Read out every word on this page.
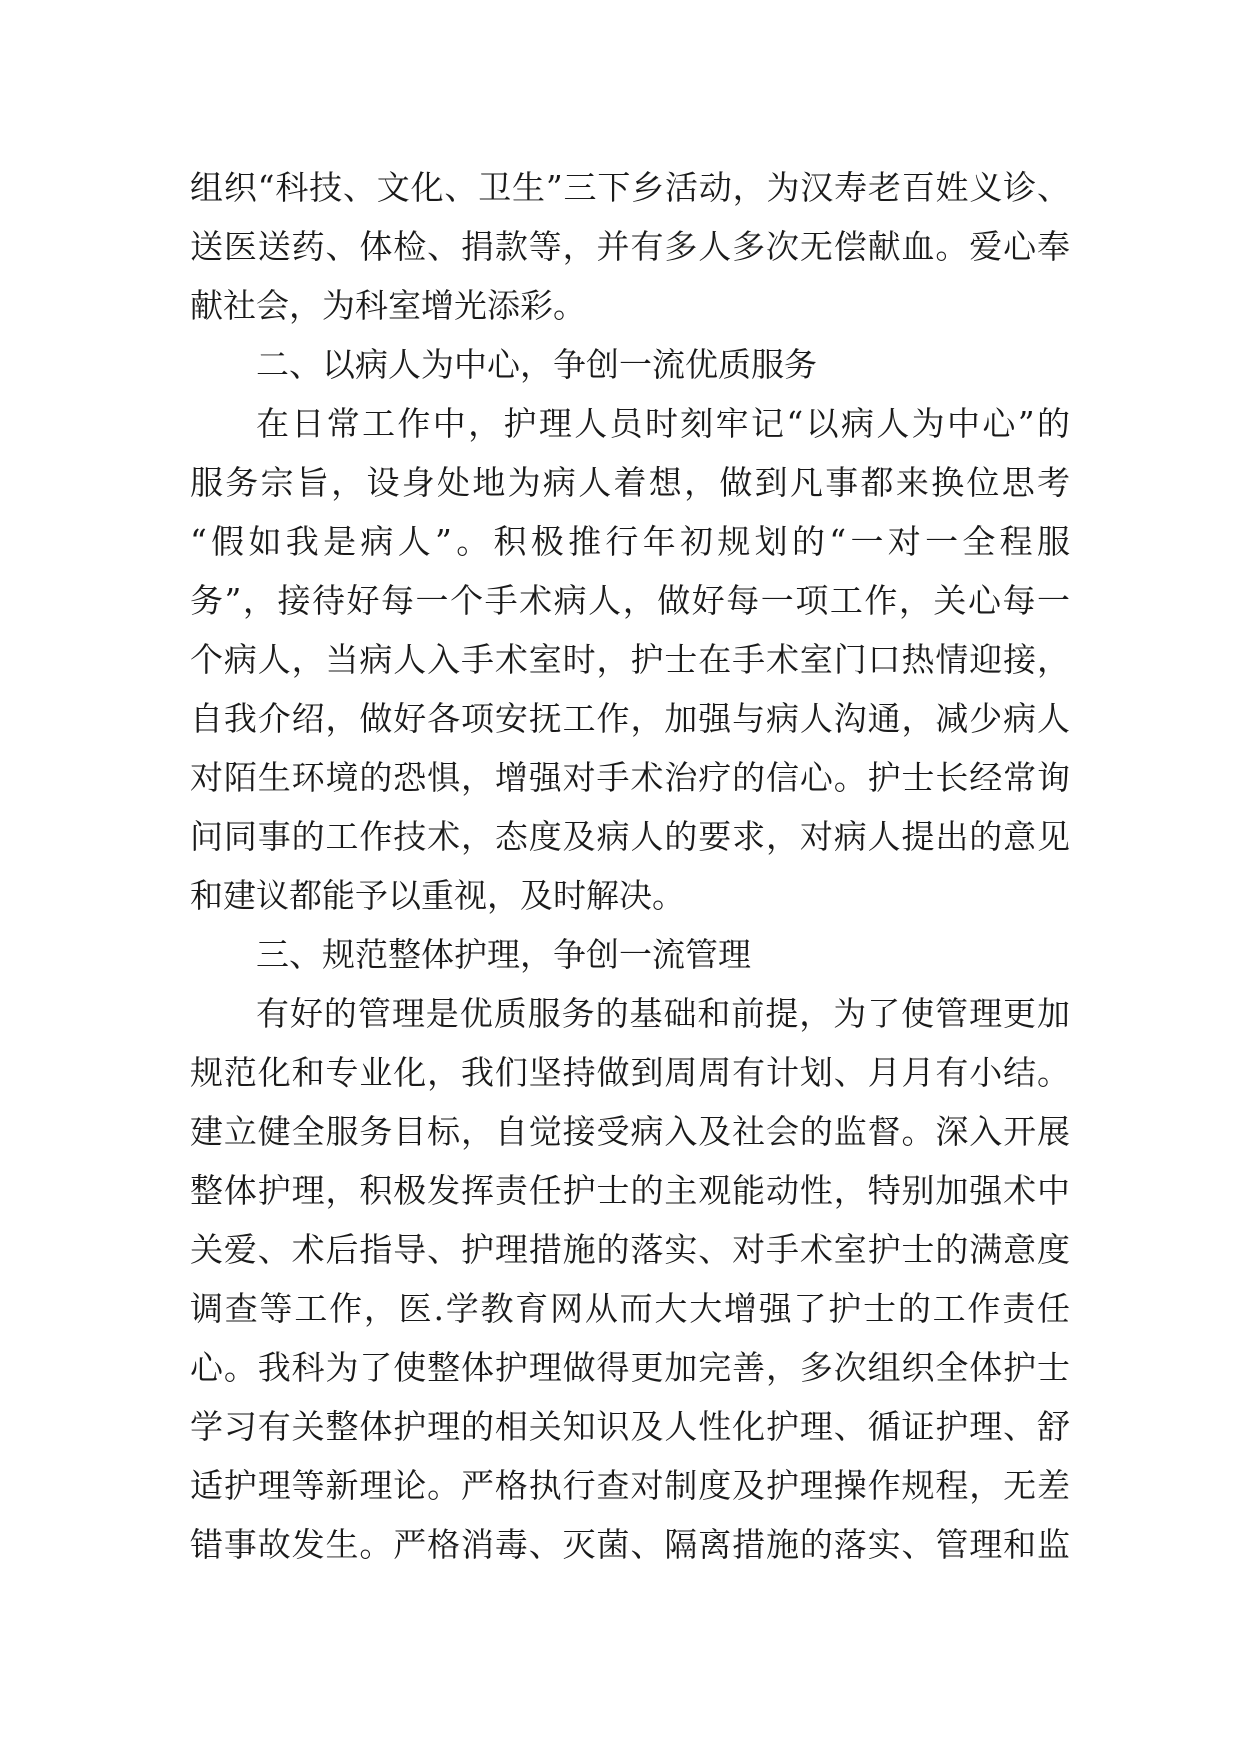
组织“科技、文化、卫生”三下乡活动，为汉寿老百姓义诊、
送医送药、体检、捐款等，并有多人多次无偿献血。爱心奉
献社会，为科室增光添彩。
二、以病人为中心，争创一流优质服务
在日常工作中，护理人员时刻牢记“以病人为中心”的
服务宗旨，设身处地为病人着想，做到凡事都来换位思考
“假如我是病人”。积极推行年初规划的“一对一全程服
务”，接待好每一个手术病人，做好每一项工作，关心每一
个病人，当病人入手术室时，护士在手术室门口热情迎接，
自我介绍，做好各项安抚工作，加强与病人沟通，减少病人
对陌生环境的恐惧，增强对手术治疗的信心。护士长经常询
问同事的工作技术，态度及病人的要求，对病人提出的意见
和建议都能予以重视，及时解决。
三、规范整体护理，争创一流管理
有好的管理是优质服务的基础和前提，为了使管理更加
规范化和专业化，我们坚持做到周周有计划、月月有小结。
建立健全服务目标，自觉接受病入及社会的监督。深入开展
整体护理，积极发挥责任护士的主观能动性，特别加强术中
关爱、术后指导、护理措施的落实、对手术室护士的满意度
调查等工作，医.学教育网从而大大增强了护士的工作责任
心。我科为了使整体护理做得更加完善，多次组织全体护士
学习有关整体护理的相关知识及人性化护理、循证护理、舒
适护理等新理论。严格执行查对制度及护理操作规程，无差
错事故发生。严格消毒、灭菌、隔离措施的落实、管理和监
